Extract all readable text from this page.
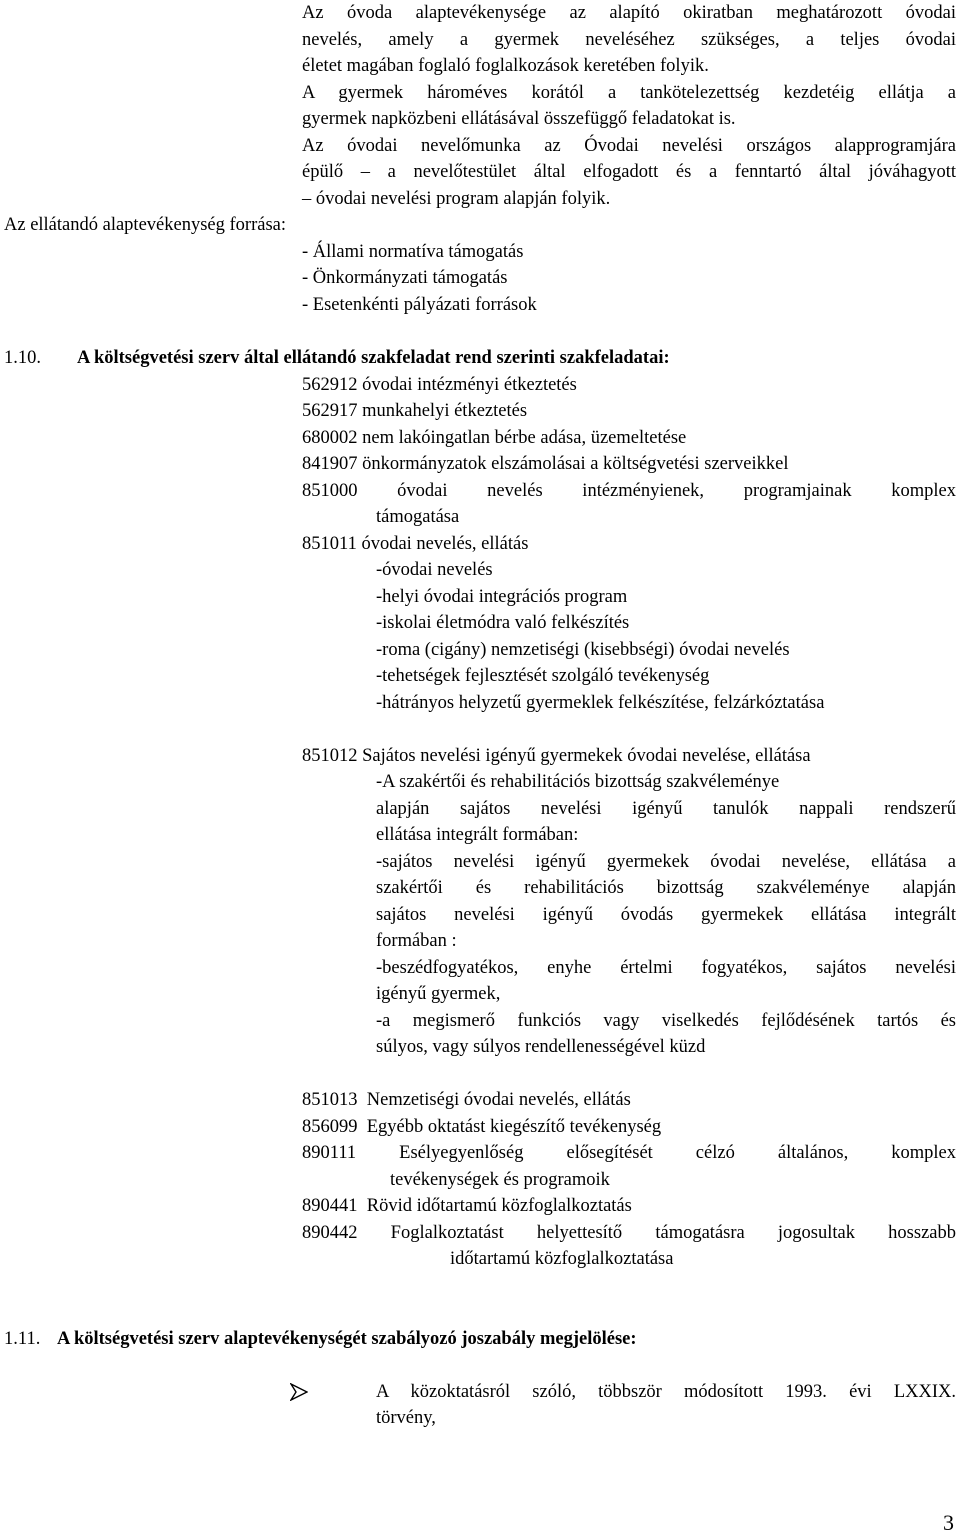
Az óvoda alaptevékenysége az alapító okiratban meghatározott óvodai
nevelés, amely a gyermek neveléséhez szükséges, a teljes óvodai
életet magában foglaló foglalkozások keretében folyik.
A gyermek hároméves korától a tankötelezettség kezdetéig ellátja a
gyermek napközbeni ellátásával összefüggő feladatokat is.
Az óvodai nevelőmunka az Óvodai nevelési országos alapprogramjára
épülő – a nevelőtestület által elfogadott és a fenntartó által jóváhagyott
– óvodai nevelési program alapján folyik.
Az ellátandó alaptevékenység forrása:
- Állami normatíva támogatás
- Önkormányzati támogatás
- Esetenkénti pályázati források
1.10. A költségvetési szerv által ellátandó szakfeladat rend szerinti szakfeladatai:
562912 óvodai intézményi étkeztetés
562917 munkahelyi étkeztetés
680002 nem lakóingatlan bérbe adása, üzemeltetése
841907 önkormányzatok elszámolásai a költségvetési szerveikkel
851000 óvodai nevelés intézményienek, programjainak komplex
támogatása
851011 óvodai nevelés, ellátás
-óvodai nevelés
-helyi óvodai integrációs program
-iskolai életmódra való felkészítés
-roma (cigány) nemzetiségi (kisebbségi) óvodai nevelés
-tehetségek fejlesztését szolgáló tevékenység
-hátrányos helyzetű gyermeklek felkészítése, felzárkóztatása
851012 Sajátos nevelési igényű gyermekek óvodai nevelése, ellátása
-A szakértői és rehabilitációs bizottság szakvéleménye
alapján sajátos nevelési igényű tanulók nappali rendszerű
ellátása integrált formában:
-sajátos nevelési igényű gyermekek óvodai nevelése, ellátása a
szakértői és rehabilitációs bizottság szakvéleménye alapján
sajátos nevelési igényű óvodás gyermekek ellátása integrált
formában :
-beszédfogyatékos, enyhe értelmi fogyatékos, sajátos nevelési
igényű gyermek,
-a megismerő funkciós vagy viselkedés fejlődésének tartós és
súlyos, vagy súlyos rendellenességével küzd
851013  Nemzetiségi óvodai nevelés, ellátás
856099  Egyébb oktatást kiegészítő tevékenység
890111 Esélyegyenlőség elősegítését célzó általános, komplex
tevékenységek és programoik
890441  Rövid időtartamú közfoglalkoztatás
890442 Foglalkoztatást helyettesítő támogatásra jogosultak hosszabb
időtartamú közfoglalkoztatása
1.11. A költségvetési szerv alaptevékenységét szabályozó joszabály megjelölése:
A közoktatásról szóló, többször módosított 1993. évi LXXIX.
törvény,
3
